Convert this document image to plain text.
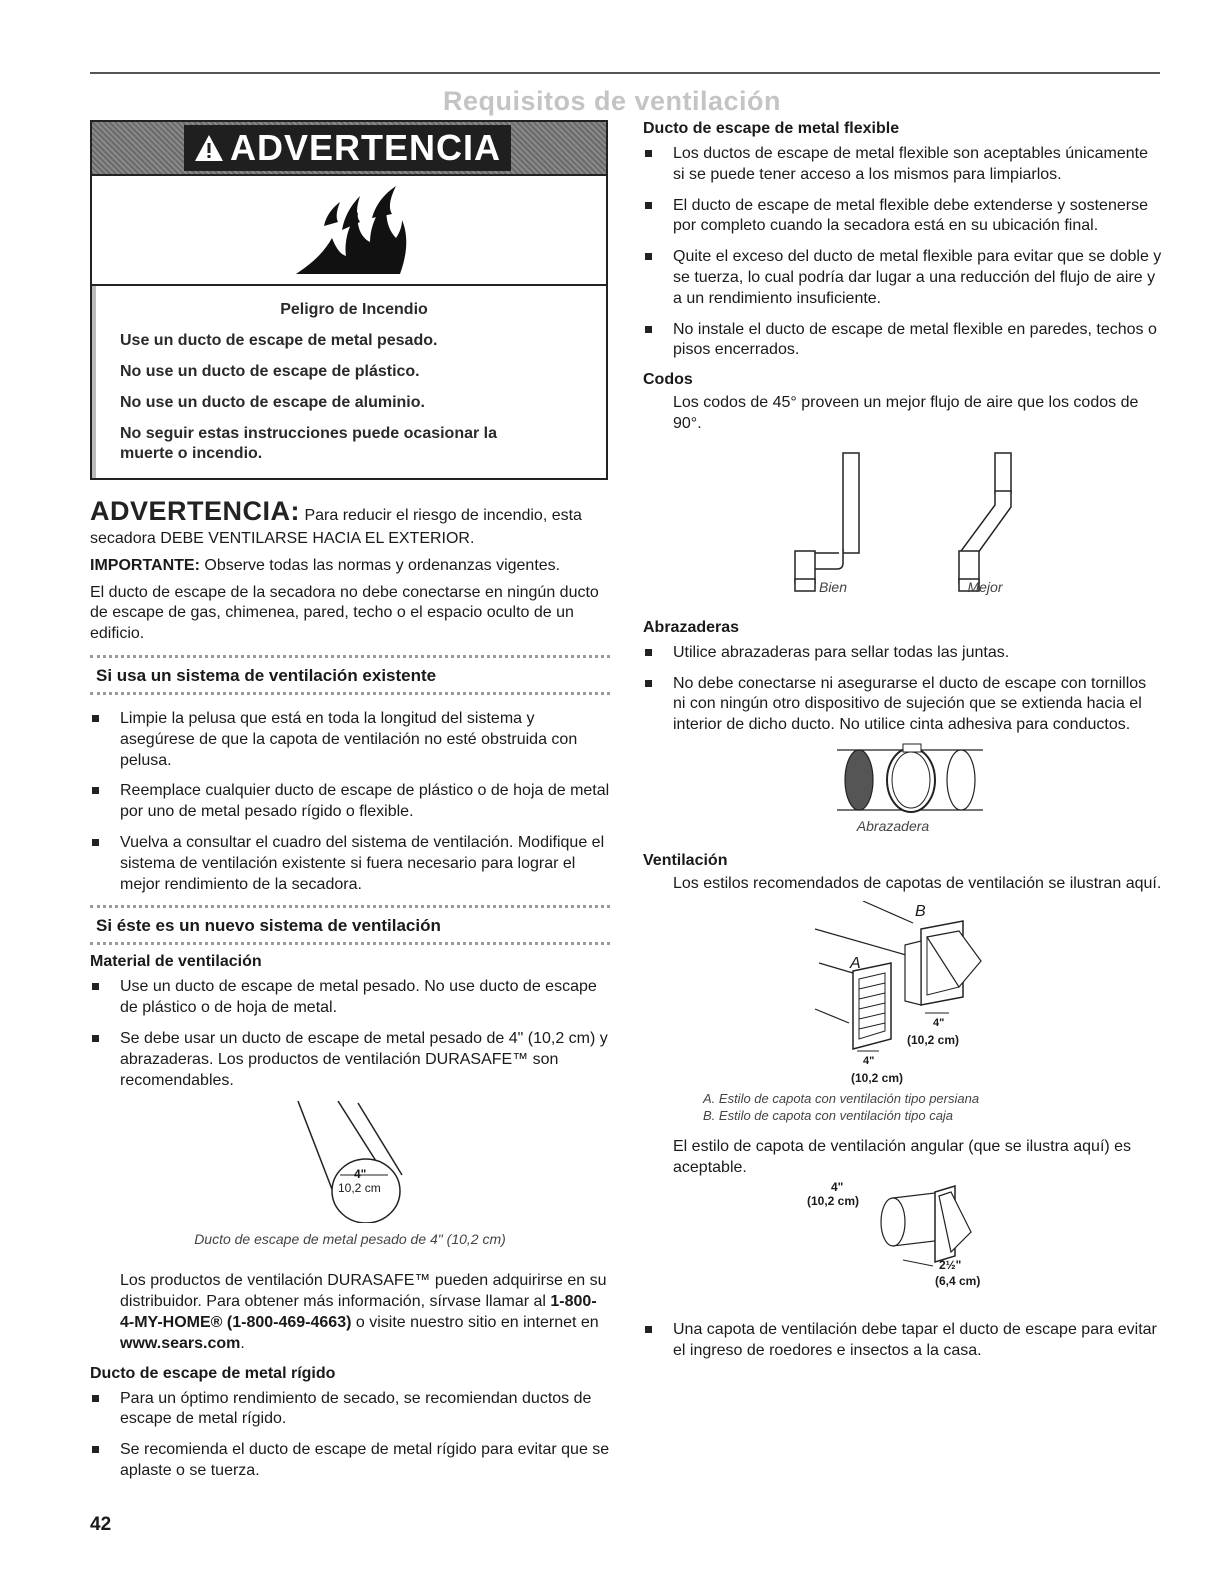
Requisitos de ventilación
ADVERTENCIA
Peligro de Incendio
Use un ducto de escape de metal pesado.
No use un ducto de escape de plástico.
No use un ducto de escape de aluminio.
No seguir estas instrucciones puede ocasionar la muerte o incendio.
ADVERTENCIA: Para reducir el riesgo de incendio, esta secadora DEBE VENTILARSE HACIA EL EXTERIOR.

IMPORTANTE: Observe todas las normas y ordenanzas vigentes.

El ducto de escape de la secadora no debe conectarse en ningún ducto de escape de gas, chimenea, pared, techo o el espacio oculto de un edificio.

Si usa un sistema de ventilación existente
Limpie la pelusa que está en toda la longitud del sistema y asegúrese de que la capota de ventilación no esté obstruida con pelusa.
Reemplace cualquier ducto de escape de plástico o de hoja de metal por uno de metal pesado rígido o flexible.
Vuelva a consultar el cuadro del sistema de ventilación. Modifique el sistema de ventilación existente si fuera necesario para lograr el mejor rendimiento de la secadora.
Si éste es un nuevo sistema de ventilación
Material de ventilación
Use un ducto de escape de metal pesado. No use ducto de escape de plástico o de hoja de metal.
Se debe usar un ducto de escape de metal pesado de 4" (10,2 cm) y abrazaderas. Los productos de ventilación DURASAFE™ son recomendables.
4"
10,2 cm
Ducto de escape de metal pesado de 4" (10,2 cm)

Los productos de ventilación DURASAFE™ pueden adquirirse en su distribuidor. Para obtener más información, sírvase llamar al 1-800-4-MY-HOME® (1-800-469-4663) o visite nuestro sitio en internet en www.sears.com.

Ducto de escape de metal rígido
Para un óptimo rendimiento de secado, se recomiendan ductos de escape de metal rígido.
Se recomienda el ducto de escape de metal rígido para evitar que se aplaste o se tuerza.
Ducto de escape de metal flexible
Los ductos de escape de metal flexible son aceptables únicamente si se puede tener acceso a los mismos para limpiarlos.
El ducto de escape de metal flexible debe extenderse y sostenerse por completo cuando la secadora está en su ubicación final.
Quite el exceso del ducto de metal flexible para evitar que se doble y se tuerza, lo cual podría dar lugar a una reducción del flujo de aire y a un rendimiento insuficiente.
No instale el ducto de escape de metal flexible en paredes, techos o pisos encerrados.
Codos

Los codos de 45° proveen un mejor flujo de aire que los codos de 90°.

Bien	Mejor
Abrazaderas
Utilice abrazaderas para sellar todas las juntas.
No debe conectarse ni asegurarse el ducto de escape con tornillos ni con ningún otro dispositivo de sujeción que se extienda hacia el interior de dicho ducto. No utilice cinta adhesiva para conductos.
Abrazadera
Ventilación

Los estilos recomendados de capotas de ventilación se ilustran aquí.

B
A
4"
(10,2 cm)
4"
(10,2 cm)
A. Estilo de capota con ventilación tipo persiana
B. Estilo de capota con ventilación tipo caja

El estilo de capota de ventilación angular (que se ilustra aquí) es aceptable.

4"
(10,2 cm)
2½"
(6,4 cm)
Una capota de ventilación debe tapar el ducto de escape para evitar el ingreso de roedores e insectos a la casa.
42
